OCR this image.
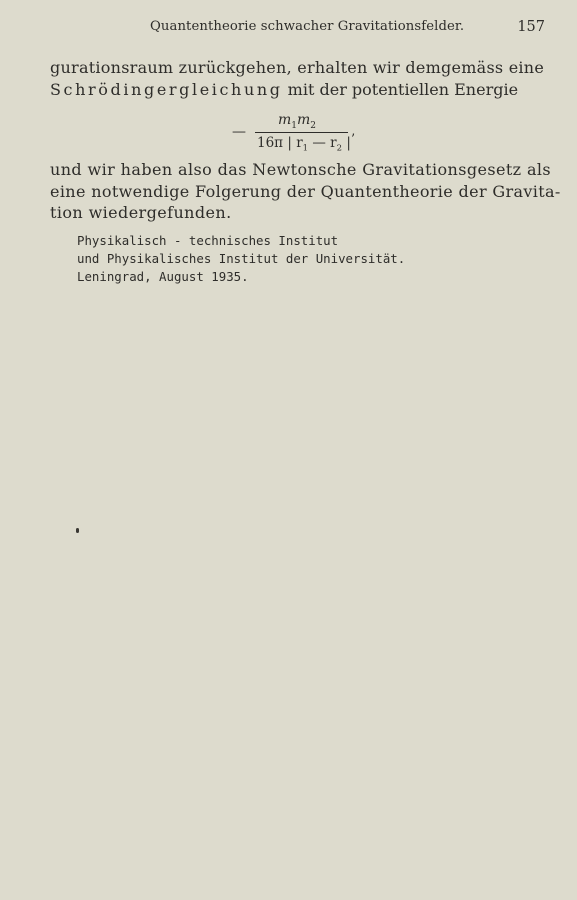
Quantentheorie schwacher Gravitationsfelder.	157
gurationsraum zurückgehen, erhalten wir demgemäss eine
Schrödingergleichung mit der potentiellen Energie
—
$m_1m_2$
16π | $r_1$ — $r_2$ | ’
und wir haben also das Newtonsche Gravitationsgesetz als
eine notwendige Folgerung der Quantentheorie der Gravita-
tion wiedergefunden.
Physikalisch - technisches Institut
und Physikalisches Institut der Universität.
Leningrad, August 1935.
